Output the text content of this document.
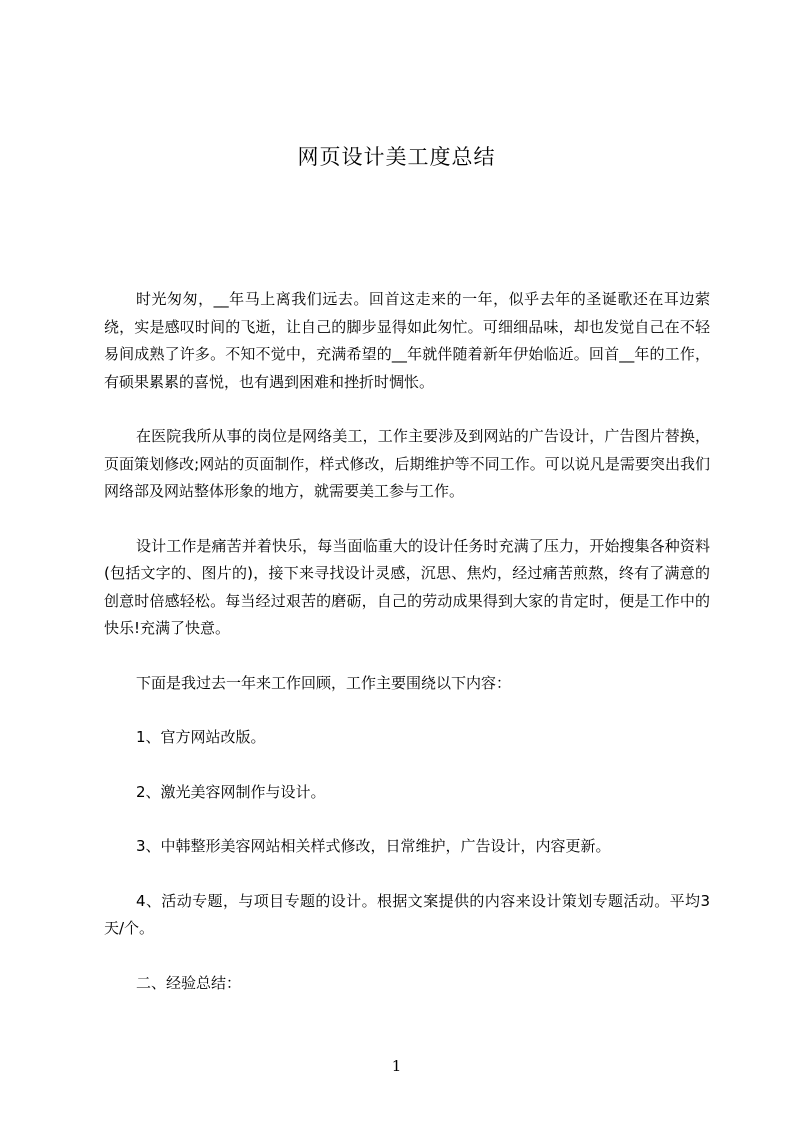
网页设计美工度总结

时光匆匆，__年马上离我们远去。回首这走来的一年，似乎去年的圣诞歌还在耳边萦绕，实是感叹时间的飞逝，让自己的脚步显得如此匆忙。可细细品味，却也发觉自己在不轻易间成熟了许多。不知不觉中，充满希望的__年就伴随着新年伊始临近。回首__年的工作，有硕果累累的喜悦，也有遇到困难和挫折时惆怅。

在医院我所从事的岗位是网络美工，工作主要涉及到网站的广告设计，广告图片替换，页面策划修改;网站的页面制作，样式修改，后期维护等不同工作。可以说凡是需要突出我们网络部及网站整体形象的地方，就需要美工参与工作。

设计工作是痛苦并着快乐，每当面临重大的设计任务时充满了压力，开始搜集各种资料(包括文字的、图片的)，接下来寻找设计灵感，沉思、焦灼，经过痛苦煎熬，终有了满意的创意时倍感轻松。每当经过艰苦的磨砺，自己的劳动成果得到大家的肯定时，便是工作中的快乐!充满了快意。

下面是我过去一年来工作回顾，工作主要围绕以下内容：

1、官方网站改版。

2、激光美容网制作与设计。

3、中韩整形美容网站相关样式修改，日常维护，广告设计，内容更新。

4、活动专题，与项目专题的设计。根据文案提供的内容来设计策划专题活动。平均3天/个。

二、经验总结：

1
